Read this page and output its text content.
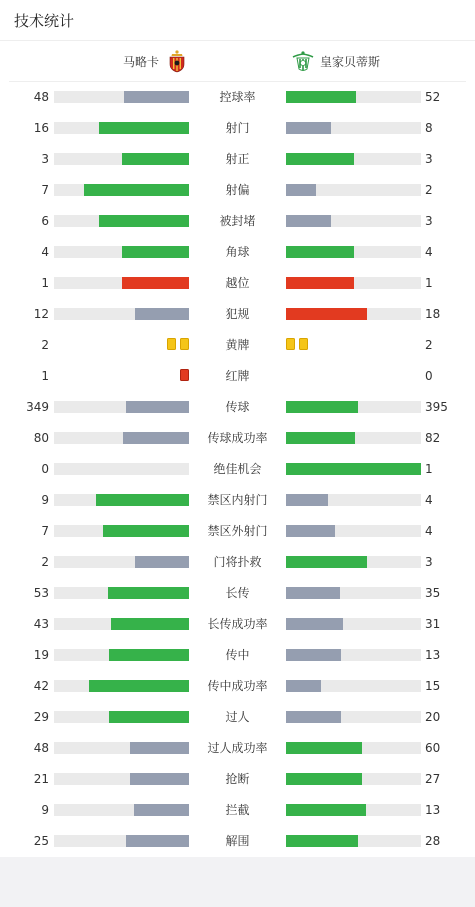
技术统计
马略卡	皇家贝蒂斯
48	控球率	52
16	射门	8
3	射正	3
7	射偏	2
6	被封堵	3
4	角球	4
1	越位	1
12	犯规	18
2	黄牌	2
1	红牌	0
349	传球	395
80	传球成功率	82
0	绝佳机会	1
9	禁区内射门	4
7	禁区外射门	4
2	门将扑救	3
53	长传	35
43	长传成功率	31
19	传中	13
42	传中成功率	15
29	过人	20
48	过人成功率	60
21	抢断	27
9	拦截	13
25	解围	28
